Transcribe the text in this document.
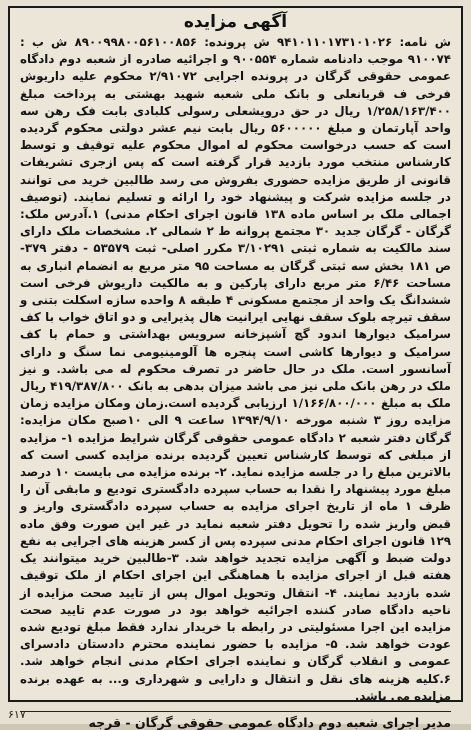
آگهی مزایده

ش نامه: ۹۴۱۰۱۱۰۱۷۳۱۰۱۰۲۶ ش پرونده: ۸۹۰۰۹۹۸۰۰۵۶۱۰۰۸۵۶ ش ب : ۹۱۰۰۷۴ موجب دادنامه شماره ۹۰۰۵۵۴ و اجرائیه صادره از شعبه دوم دادگاه عمومی حقوقی گرگان در پرونده اجرایی ۲/۹۱۰۷۲ محکوم علیه داریوش فرخی ف قربانعلی و بانک ملی شعبه شهید بهشتی به پرداخت مبلغ ۱/۲۵۸/۱۶۳/۴۰۰ ریال در حق درویشعلی رسولی کلبادی بابت فک رهن سه واحد آپارتمان و مبلغ ۵۶۰۰۰۰۰ ریال بابت نیم عشر دولتی محکوم گردیده است که حسب درخواست محکوم له اموال محکوم علیه توقیف و توسط کارشناس منتخب مورد بازدید قرار گرفته است که پس ازجری تشریفات قانونی از طریق مزایده حضوری بفروش می رسد طالبین خرید می توانند در جلسه مزایده شرکت و پیشنهاد خود را ارائه و تسلیم نمایند. (توصیف اجمالی ملک بر اساس ماده ۱۳۸ قانون اجرای احکام مدنی) ۱.آدرس ملک: گرگان - گرگان جدید ۳۰ مجتمع پروانه ط ۲ شمالی ۲. مشخصات ملک دارای سند مالکیت به شماره ثبتی ۳/۱۰۲۹۱ مکرر اصلی- ثبت ۵۳۵۷۹ - دفتر ۳۷۹- ص ۱۸۱ بخش سه ثبتی گرگان به مساحت ۹۵ متر مربع به انضمام انباری به مساحت ۶/۴۶ متر مربع دارای پارکین و به مالکیت داریوش فرخی است ششدانگ یک واحد از مجتمع مسکونی ۴ طبقه ۸ واحده سازه اسکلت بتنی و سقف تیرچه بلوک سقف نهایی ایرانیت هال پذیرایی و دو اتاق خواب با کف سرامیک دیوارها اندود گچ آشپزخانه سرویس بهداشتی و حمام با کف سرامیک و دیوارها کاشی است پنجره ها آلومینیومی نما سنگ و دارای آسانسور است. ملک در حال حاضر در تصرف محکوم له می باشد. و نیز ملک در رهن بانک ملی نیز می باشد میزان بدهی به بانک ۴۱۹/۳۸۷/۸۰۰ ریال ملک به مبلغ ۱/۱۶۶/۸۰۰/۰۰۰ ارزیابی گردیده است.زمان ومکان مزایده زمان مزایده روز ۳ شنبه مورخه ۱۳۹۴/۹/۱۰ ساعت ۹ الی ۱۰صبح مکان مزایده: گرگان دفتر شعبه ۲ دادگاه عمومی حقوقی گرگان شرایط مزایده ۱- مزایده از مبلغی که توسط کارشناس تعیین گردیده برنده مزایده کسی است که بالاترین مبلغ را در جلسه مزایده نماید. ۲- برنده مزایده می بایست ۱۰ درصد مبلغ مورد پیشنهاد را نقدا به حساب سپرده دادگستری تودیع و مابقی آن را ظرف ۱ ماه از تاریخ اجرای مزایده به حساب سپرده دادگستری واریز و قبض واریز شده را تحویل دفتر شعبه نماید در غیر این صورت وفق ماده ۱۲۹ قانون اجرای احکام مدنی سپرده پس از کسر هزینه های اجرایی به نفع دولت ضبط و آگهی مزایده تجدید خواهد شد. ۳-طالبین خرید میتوانند یک هفته قبل از اجرای مزایده با هماهنگی این اجرای احکام از ملک توقیف شده بازدید نمایند. ۴- انتقال وتحویل اموال پس از تایید صحت مزایده از ناحیه دادگاه صادر کننده اجرائیه خواهد بود در صورت عدم تایید صحت مزایده این اجرا مسئولیتی در رابطه با خریدار ندارد فقط مبلغ تودیع شده عودت خواهد شد. ۵- مزایده با حضور نماینده محترم دادستان دادسرای عمومی و انقلاب گرگان و نماینده اجرای احکام مدنی انجام خواهد شد. ۶.کلیه هزینه های نقل و انتقال و دارایی و شهرداری و... به عهده برنده مزایده می باشد.

مدیر اجرای شعبه دوم دادگاه عمومی حقوقی گرگان - قرجه
۶۱۷
